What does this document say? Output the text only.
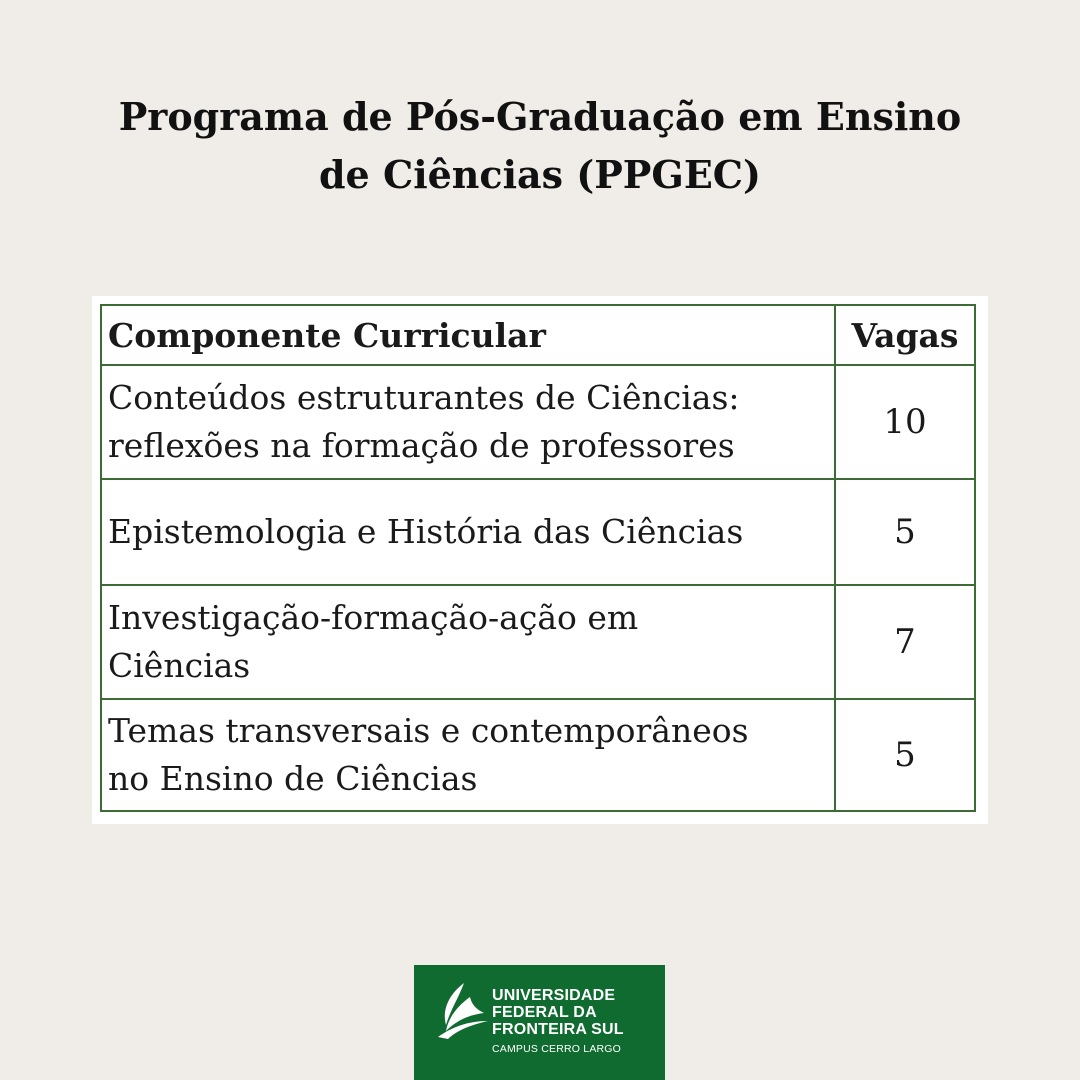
Programa de Pós-Graduação em Ensino
de Ciências (PPGEC)
Componente Curricular	Vagas
Conteúdos estruturantes de Ciências:
reflexões na formação de professores	10
Epistemologia e História das Ciências	5
Investigação-formação-ação em
Ciências	7
Temas transversais e contemporâneos
no Ensino de Ciências	5
UNIVERSIDADE
FEDERAL DA
FRONTEIRA SUL
CAMPUS CERRO LARGO
